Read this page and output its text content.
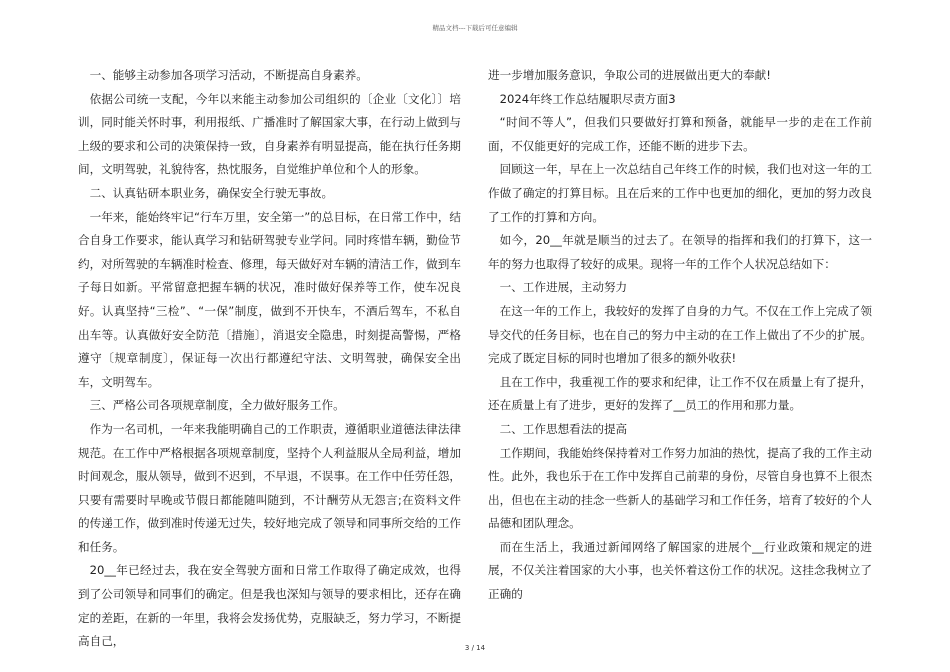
精品文档---下载后可任意编辑

一、能够主动参加各项学习活动，不断提高自身素养。

依据公司统一支配，今年以来能主动参加公司组织的〔企业〔文化〕〕培训，同时能关怀时事，利用报纸、广播准时了解国家大事，在行动上做到与上级的要求和公司的决策保持一致，自身素养有明显提高，能在执行任务期间，文明驾驶，礼貌待客，热忱服务，自觉维护单位和个人的形象。

二、认真钻研本职业务，确保安全行驶无事故。

一年来，能始终牢记“行车万里，安全第一”的总目标，在日常工作中，结合自身工作要求，能认真学习和钻研驾驶专业学问。同时疼惜车辆，勤俭节约，对所驾驶的车辆准时检查、修理，每天做好对车辆的清洁工作，做到车子每日如新。平常留意把握车辆的状况，准时做好保养等工作，使车况良好。认真坚持“三检”、“一保”制度，做到不开快车，不酒后驾车，不私自出车等。认真做好安全防范〔措施〕，消退安全隐患，时刻提高警惕，严格遵守〔规章制度〕，保证每一次出行都遵纪守法、文明驾驶，确保安全出车，文明驾车。

三、严格公司各项规章制度，全力做好服务工作。

作为一名司机，一年来我能明确自己的工作职责，遵循职业道德法律法律规范。在工作中严格根据各项规章制度，坚持个人利益服从全局利益，增加时间观念，服从领导，做到不迟到，不早退，不误事。在工作中任劳任怨，只要有需要时早晚或节假日都能随叫随到，不计酬劳从无怨言;在资料文件的传递工作，做到准时传递无过失，较好地完成了领导和同事所交给的工作和任务。

20__年已经过去，我在安全驾驶方面和日常工作取得了确定成效，也得到了公司领导和同事们的确定。但是我也深知与领导的要求相比，还存在确定的差距，在新的一年里，我将会发扬优势，克服缺乏，努力学习，不断提高自己，

进一步增加服务意识，争取公司的进展做出更大的奉献!

2024年终工作总结履职尽责方面3

“时间不等人”，但我们只要做好打算和预备，就能早一步的走在工作前面，不仅能更好的完成工作，还能不断的进步下去。

回顾这一年，早在上一次总结自己年终工作的时候，我们也对这一年的工作做了确定的打算目标。且在后来的工作中也更加的细化，更加的努力改良了工作的打算和方向。

如今，20__年就是顺当的过去了。在领导的指挥和我们的打算下，这一年的努力也取得了较好的成果。现将一年的工作个人状况总结如下：

一、工作进展，主动努力

在这一年的工作上，我较好的发挥了自身的力气。不仅在工作上完成了领导交代的任务目标，也在自己的努力中主动的在工作上做出了不少的扩展。完成了既定目标的同时也增加了很多的额外收获!

且在工作中，我重视工作的要求和纪律，让工作不仅在质量上有了提升，还在质量上有了进步，更好的发挥了__员工的作用和那力量。

二、工作思想看法的提高

工作期间，我能始终保持着对工作努力加油的热忱，提高了我的工作主动性。此外，我也乐于在工作中发挥自己前辈的身份，尽管自身也算不上很杰出，但也在主动的挂念一些新人的基础学习和工作任务，培育了较好的个人品德和团队理念。

而在生活上，我通过新闻网络了解国家的进展个__行业政策和规定的进展，不仅关注着国家的大小事，也关怀着这份工作的状况。这挂念我树立了正确的

3 / 14
